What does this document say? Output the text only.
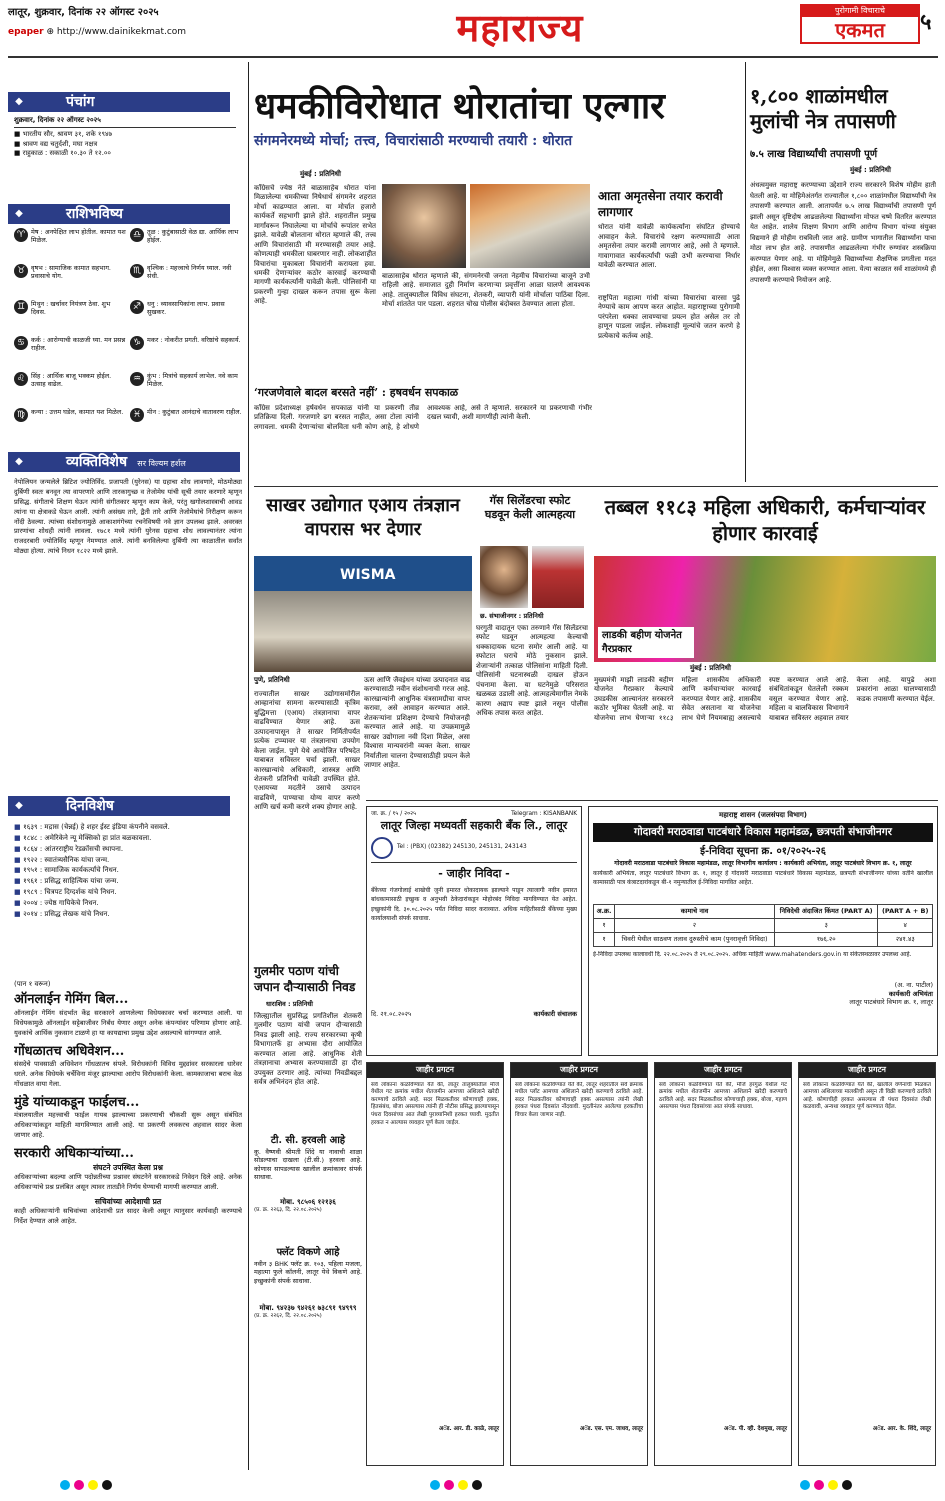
लातूर, शुक्रवार, दिनांक २२ ऑगस्ट २०२५
epaper ⊕ http://www.dainikekmat.com	महाराज्य	पुरोगामी विचाराचे
एकमत	५
◆	पंचांग
शुक्रवार, दिनांक २२ ऑगस्ट २०२५
■ भारतीय सौर, श्रावण ३१, शके १९४७
■ श्रावण वद्य चतुर्दशी, मघा नक्षत्र
■ राहुकाळ : सकाळी १०.३० ते १२.००
◆	राशिभविष्य
♈ मेष : अनपेक्षित लाभ होतील. कामात यश मिळेल.
♎ तूळ : कुटुंबासाठी वेळ द्या. आर्थिक लाभ होईल.
♉ वृषभ : सामाजिक कामात सहभाग. प्रवासाचे योग.
♏ वृश्चिक : महत्त्वाचे निर्णय घ्याल. नवी संधी.
♊ मिथुन : खर्चावर नियंत्रण ठेवा. शुभ दिवस.
♐ धनु : व्यावसायिकांना लाभ. प्रवास सुखकर.
♋ कर्क : आरोग्याची काळजी घ्या. मन प्रसन्न राहील.
♑ मकर : नोकरीत प्रगती. वरिष्ठांचे सहकार्य.
♌ सिंह : आर्थिक बाजू भक्कम होईल. उत्साह वाढेल.
♒ कुंभ : मित्रांचे सहकार्य लाभेल. नवे काम मिळेल.
♍ कन्या : उत्तम घडेल, कामात यश मिळेल.	♓ मीन : कुटुंबात आनंदाचे वातावरण राहील.
◆	व्यक्तिविशेष सर विल्यम हर्शल
नेपोलियन जन्मलेले ब्रिटिश ज्योतिर्विद. प्रजापती (युरेनस) या ग्रहाचा शोध लावणारे, मोठमोठ्या दुर्बिणी स्वतः बनवून त्या वापरणारे आणि तारकागुच्छ व तेजोमेघ यांची सूची तयार करणारे म्हणून प्रसिद्ध. संगीताचे शिक्षण घेऊन त्यांनी संगीतकार म्हणून काम केले, परंतु खगोलशास्त्राची आवड त्यांना या क्षेत्राकडे घेऊन आली. त्यांनी असंख्य तारे, द्वैती तारे आणि तेजोमेघांचे निरीक्षण करून नोंदी ठेवल्या. त्यांच्या संशोधनामुळे आकाशगंगेच्या रचनेविषयी नवे ज्ञान उपलब्ध झाले. अवरक्त प्रारणांचा शोधही त्यांनी लावला. १७८१ मध्ये त्यांनी युरेनस ग्रहाचा शोध लावल्यानंतर त्यांना राजदरबारी ज्योतिर्विद म्हणून नेमण्यात आले. त्यांनी बनविलेल्या दुर्बिणी त्या काळातील सर्वांत मोठ्या होत्या. त्यांचे निधन १८२२ मध्ये झाले.
◆	दिनविशेष
■ १६३९ : मद्रास (चेन्नई) हे शहर ईस्ट इंडिया कंपनीने वसवले.
■ १८४८ : अमेरिकेने न्यू मेक्सिको हा प्रांत बळकावला.
■ १८६४ : आंतरराष्ट्रीय रेडक्रॉसची स्थापना.
■ १९२२ : स्वातंत्र्यसैनिक यांचा जन्म.
■ १९५१ : सामाजिक कार्यकर्त्यांचे निधन.
■ १९६१ : प्रसिद्ध साहित्यिक यांचा जन्म.
■ १९८९ : चित्रपट दिग्दर्शक यांचे निधन.
■ २००४ : ज्येष्ठ गायिकेचे निधन.
■ २०१४ : प्रसिद्ध लेखक यांचे निधन.
(पान १ वरून)
ऑनलाईन गेमिंग बिल...
ऑनलाईन गेमिंग संदर्भात केंद्र सरकारने आणलेल्या विधेयकावर चर्चा करण्यात आली. या विधेयकामुळे ऑनलाईन सट्टेबाजीवर निर्बंध येणार असून अनेक कंपन्यांवर परिणाम होणार आहे. युवकांचे आर्थिक नुकसान टाळणे हा या कायद्याचा प्रमुख उद्देश असल्याचे सांगण्यात आले.
गोंधळातच अधिवेशन...
संसदेचे पावसाळी अधिवेशन गोंधळातच संपले. विरोधकांनी विविध मुद्द्यांवर सरकारला धारेवर धरले. अनेक विधेयके चर्चेविना मंजूर झाल्याचा आरोप विरोधकांनी केला. कामकाजाचा बराच वेळ गोंधळात वाया गेला.
मुंडे यांच्याकडून फाईलच...
मंत्रालयातील महत्त्वाची फाईल गायब झाल्याच्या प्रकरणाची चौकशी सुरू असून संबंधित अधिकाऱ्यांकडून माहिती मागविण्यात आली आहे. या प्रकरणी लवकरच अहवाल सादर केला जाणार आहे.
सरकारी अधिकाऱ्यांच्या...
संघटने उपस्थित केला प्रश्न
अधिकाऱ्यांच्या बदल्या आणि पदोन्नतीच्या प्रश्नावर संघटनेने सरकारकडे निवेदन दिले आहे. अनेक अधिकाऱ्यांचे प्रश्न प्रलंबित असून त्यावर तातडीने निर्णय घेण्याची मागणी करण्यात आली.
सचिवांच्या आदेशाची प्रत
काही अधिकाऱ्यांनी सचिवांच्या आदेशाची प्रत सादर केली असून त्यानुसार कार्यवाही करण्याचे निर्देश देण्यात आले आहेत.
धमकीविरोधात थोरातांचा एल्गार
संगमनेरमध्ये मोर्चा; तत्त्व, विचारांसाठी मरण्याची तयारी : थोरात
मुंबई : प्रतिनिधी
काँग्रेसचे ज्येष्ठ नेते बाळासाहेब थोरात यांना मिळालेल्या धमकीच्या निषेधार्थ संगमनेर शहरात मोर्चा काढण्यात आला. या मोर्चात हजारो कार्यकर्ते सहभागी झाले होते. शहरातील प्रमुख मार्गांवरून निघालेल्या या मोर्चाचे रूपांतर सभेत झाले. यावेळी बोलताना थोरात म्हणाले की, तत्त्व आणि विचारांसाठी मी मरण्यासही तयार आहे. कोणत्याही धमकीला घाबरणार नाही. लोकशाहीत विचारांचा मुकाबला विचारांनी करायला हवा. धमकी देणाऱ्यांवर कठोर कारवाई करण्याची मागणी कार्यकर्त्यांनी यावेळी केली. पोलिसांनी या प्रकरणी गुन्हा दाखल करून तपास सुरू केला आहे.
बाळासाहेब थोरात म्हणाले की, संगमनेरची जनता नेहमीच विचारांच्या बाजूने उभी राहिली आहे. समाजात दुही निर्माण करणाऱ्या प्रवृत्तींना आळा घालणे आवश्यक आहे. तालुक्यातील विविध संघटना, शेतकरी, व्यापारी यांनी मोर्चाला पाठिंबा दिला. मोर्चा शांततेत पार पडला. शहरात चोख पोलीस बंदोबस्त ठेवण्यात आला होता.
आता अमृतसेना तयार करावी लागणार
थोरात यांनी यावेळी कार्यकर्त्यांना संघटित होण्याचे आवाहन केले. विचारांचे रक्षण करण्यासाठी आता अमृतसेना तयार करावी लागणार आहे, असे ते म्हणाले. गावागावात कार्यकर्त्यांची फळी उभी करण्याचा निर्धार यावेळी करण्यात आला.
राष्ट्रपिता महात्मा गांधी यांच्या विचारांचा वारसा पुढे नेण्याचे काम आपण करत आहोत. महाराष्ट्राच्या पुरोगामी परंपरेला धक्का लावण्याचा प्रयत्न होत असेल तर तो हाणून पाडला जाईल. लोकशाही मूल्यांचे जतन करणे हे प्रत्येकाचे कर्तव्य आहे.
‘गरजणेवाले बादल बरसते नहीं’ : हषवर्धन सपकाळ
काँग्रेस प्रदेशाध्यक्ष हर्षवर्धन सपकाळ यांनी या प्रकरणी तीव्र प्रतिक्रिया दिली. गरजणारे ढग बरसत नाहीत, असा टोला त्यांनी लगावला. धमकी देणाऱ्यांचा बोलविता धनी कोण आहे, हे शोधणे आवश्यक आहे, असे ते म्हणाले. सरकारने या प्रकरणाची गंभीर दखल घ्यावी, अशी मागणीही त्यांनी केली.
१,८०० शाळांमधील मुलांची नेत्र तपासणी
७.५ लाख विद्यार्थ्यांची तपासणी पूर्ण
मुंबई : प्रतिनिधी
अंधत्वमुक्त महाराष्ट्र करण्याच्या उद्देशाने राज्य सरकारने विशेष मोहीम हाती घेतली आहे. या मोहिमेअंतर्गत राज्यातील १,८०० शाळांमधील विद्यार्थ्यांची नेत्र तपासणी करण्यात आली. आतापर्यंत ७.५ लाख विद्यार्थ्यांची तपासणी पूर्ण झाली असून दृष्टिदोष आढळलेल्या विद्यार्थ्यांना मोफत चष्मे वितरित करण्यात येत आहेत. शालेय शिक्षण विभाग आणि आरोग्य विभाग यांच्या संयुक्त विद्यमाने ही मोहीम राबविली जात आहे. ग्रामीण भागातील विद्यार्थ्यांना याचा मोठा लाभ होत आहे. तपासणीत आढळलेल्या गंभीर रुग्णांवर शस्त्रक्रिया करण्यात येणार आहे. या मोहिमेमुळे विद्यार्थ्यांच्या शैक्षणिक प्रगतीला मदत होईल, असा विश्वास व्यक्त करण्यात आला. येत्या काळात सर्व शाळांमध्ये ही तपासणी करण्याचे नियोजन आहे.
साखर उद्योगात एआय तंत्रज्ञान वापरास भर देणार
WISMA
पुणे, प्रतिनिधी
राज्यातील साखर उद्योगासमोरील आव्हानांचा सामना करण्यासाठी कृत्रिम बुद्धिमत्ता (एआय) तंत्रज्ञानाचा वापर वाढविण्यात येणार आहे. ऊस उत्पादनापासून ते साखर निर्मितीपर्यंत प्रत्येक टप्प्यावर या तंत्रज्ञानाचा उपयोग केला जाईल. पुणे येथे आयोजित परिषदेत याबाबत सविस्तर चर्चा झाली. साखर कारखान्यांचे अधिकारी, शास्त्रज्ञ आणि शेतकरी प्रतिनिधी यावेळी उपस्थित होते. एआयच्या मदतीने उसाचे उत्पादन वाढविणे, पाण्याचा योग्य वापर करणे आणि खर्च कमी करणे शक्य होणार आहे.
ऊस आणि जैवइंधन यांच्या उत्पादनात वाढ करण्यासाठी नवीन संशोधनाची गरज आहे. कारखान्यांनी आधुनिक यंत्रसामग्रीचा वापर करावा, असे आवाहन करण्यात आले. शेतकऱ्यांना प्रशिक्षण देण्याचे नियोजनही करण्यात आले आहे. या उपक्रमामुळे साखर उद्योगाला नवी दिशा मिळेल, असा विश्वास मान्यवरांनी व्यक्त केला. साखर निर्यातीला चालना देण्यासाठीही प्रयत्न केले जाणार आहेत.
गुलमीर पठाण यांची जपान दौऱ्यासाठी निवड
धाराशिव : प्रतिनिधी
जिल्ह्यातील सुप्रसिद्ध प्रगतिशील शेतकरी गुलमीर पठाण यांची जपान दौऱ्यासाठी निवड झाली आहे. राज्य सरकारच्या कृषी विभागातर्फे हा अभ्यास दौरा आयोजित करण्यात आला आहे. आधुनिक शेती तंत्रज्ञानाचा अभ्यास करण्यासाठी हा दौरा उपयुक्त ठरणार आहे. त्यांच्या निवडीबद्दल सर्वत्र अभिनंदन होत आहे.
टी. सी. हरवली आहे
कु. वैष्णवी श्रीमती शिंदे या नावाची शाळा सोडल्याचा दाखला (टी.सी.) हरवला आहे. कोणास सापडल्यास खालील क्रमांकावर संपर्क साधावा.
मोबा. ९८५०६ १२१३६
(प्र. क्र. २२६३, दि. २२.०८.२०२५)
फ्लॅट विकणे आहे
नवीन ३ BHK फ्लॅट क्र. १०३, पहिला मजला, महात्मा फुले कॉलनी, लातूर येथे विकणे आहे. इच्छुकांनी संपर्क साधावा.
मोबा. ९४२३७ ९४२६१ ७३८९१ ९४९९९
(प्र. क्र. २२६२, दि. २२.०८.२०२५)
गॅस सिलेंडरचा स्फोट घडवून केली आत्महत्या
छ. संभाजीनगर : प्रतिनिधी
घरगुती वादातून एका तरुणाने गॅस सिलेंडरचा स्फोट घडवून आत्महत्या केल्याची धक्कादायक घटना समोर आली आहे. या स्फोटात घराचे मोठे नुकसान झाले. शेजाऱ्यांनी तत्काळ पोलिसांना माहिती दिली. पोलिसांनी घटनास्थळी दाखल होऊन पंचनामा केला. या घटनेमुळे परिसरात खळबळ उडाली आहे. आत्महत्येमागील नेमके कारण अद्याप स्पष्ट झाले नसून पोलीस अधिक तपास करत आहेत.
तब्बल ११८३ महिला अधिकारी, कर्मचाऱ्यांवर होणार कारवाई
लाडकी बहीण योजनेत गैरप्रकार
मुंबई : प्रतिनिधी
मुख्यमंत्री माझी लाडकी बहीण योजनेत गैरप्रकार केल्याचे उघडकीस आल्यानंतर सरकारने कठोर भूमिका घेतली आहे. या योजनेचा लाभ घेणाऱ्या ११८३ महिला शासकीय अधिकारी आणि कर्मचाऱ्यांवर कारवाई करण्यात येणार आहे. शासकीय सेवेत असताना या योजनेचा लाभ घेणे नियमबाह्य असल्याचे स्पष्ट करण्यात आले आहे. संबंधितांकडून घेतलेली रक्कम वसूल करण्यात येणार आहे. महिला व बालविकास विभागाने याबाबत सविस्तर अहवाल तयार केला आहे. यापुढे अशा प्रकारांना आळा घालण्यासाठी कडक तपासणी करण्यात येईल.
जा. क्र. / १५ / २०२५	Telegram : KISANBANK
लातूर जिल्हा मध्यवर्ती सहकारी बँक लि., लातूर
Tel : (PBX) (02382) 245130, 245131, 243143
- जाहीर निविदा -
बँकेच्या गंजगोलाई शाखेची जुनी इमारत धोकादायक झाल्याने पाडून त्याजागी नवीन इमारत बांधकामासाठी इच्छुक व अनुभवी ठेकेदारांकडून मोहोरबंद निविदा मागविण्यात येत आहेत. इच्छुकांनी दि. ३०.०८.२०२५ पर्यंत निविदा सादर कराव्यात. अधिक माहितीसाठी बँकेच्या मुख्य कार्यालयाशी संपर्क साधावा.
दि. २१.०८.२०२५	कार्यकारी संचालक
महाराष्ट्र शासन (जलसंपदा विभाग)
गोदावरी मराठवाडा पाटबंधारे विकास महामंडळ, छत्रपती संभाजीनगर
ई-निविदा सूचना क्र. ०१/२०२५-२६
गोदावरी मराठवाडा पाटबंधारे विकास महामंडळ, लातूर विभागीय कार्यालय : कार्यकारी अभियंता, लातूर पाटबंधारे विभाग क्र. १, लातूर
कार्यकारी अभियंता, लातूर पाटबंधारे विभाग क्र. १, लातूर हे गोदावरी मराठवाडा पाटबंधारे विकास महामंडळ, छत्रपती संभाजीनगर यांच्या वतीने खालील कामासाठी पात्र कंत्राटदारांकडून बी-१ नमुन्यातील ई-निविदा मागवित आहेत.
अ.क्र.	कामाचे नाव	निविदेची अंदाजित किंमत (PART A)	(PART A + B)
१	२	३	४
१	चिवरी येथील साठवण तलाव दुरुस्तीचे काम (पुनरावृत्ती निविदा)	१७६.२०	२४१.४३
ई-निविदा उपलब्ध कालावधी दि. २२.०८.२०२५ ते २९.०८.२०२५. अधिक माहिती www.mahatenders.gov.in या संकेतस्थळावर उपलब्ध आहे.
(अ. ना. पाटील)
कार्यकारी अभियंता
लातूर पाटबंधारे विभाग क्र. १, लातूर
जाहीर प्रगटन
सर्व लोकांना कळविण्यात येते की, लातूर तालुक्यातील मौजे येथील गट क्रमांक मधील शेतजमीन आमच्या अशिलाने खरेदी करण्याचे ठरविले आहे. सदर मिळकतीवर कोणाचाही हक्क, हितसंबंध, बोजा असल्यास त्यांनी ही नोटीस प्रसिद्ध झाल्यापासून पंधरा दिवसांच्या आत लेखी पुराव्यानिशी हरकत घ्यावी. मुदतीत हरकत न आल्यास व्यवहार पूर्ण केला जाईल.
अॅड. आर. डी. काळे, लातूर
जाहीर प्रगटन
सर्व लोकांना कळविण्यात येते की, लातूर शहरातील सर्वे क्रमांक मधील प्लॉट आमच्या अशिलाने खरेदी करण्याचे ठरविले आहे. सदर मिळकतीवर कोणाचाही हक्क असल्यास त्यांनी लेखी हरकत पंधरा दिवसांत नोंदवावी. मुदतीनंतर आलेल्या हरकतींचा विचार केला जाणार नाही.
अॅड. एस. एम. जाधव, लातूर
जाहीर प्रगटन
सर्व लोकांना कळविण्यात येते की, मौजे हरंगुळ येथील गट क्रमांक मधील शेतजमीन आमच्या अशिलाने खरेदी करण्याचे ठरविले आहे. सदर मिळकतीवर कोणाचाही हक्क, बोजा, गहाण असल्यास पंधरा दिवसांच्या आत संपर्क साधावा.
अॅड. पी. व्ही. देशमुख, लातूर
जाहीर प्रगटन
सर्व लोकांना कळविण्यात येते की, खालील वर्णनाची मिळकत आमच्या अशिलाच्या मालकीची असून ती विक्री करण्याचे ठरविले आहे. कोणाचीही हरकत असल्यास ती पंधरा दिवसांत लेखी कळवावी, अन्यथा व्यवहार पूर्ण करण्यात येईल.
अॅड. आर. के. शिंदे, लातूर
